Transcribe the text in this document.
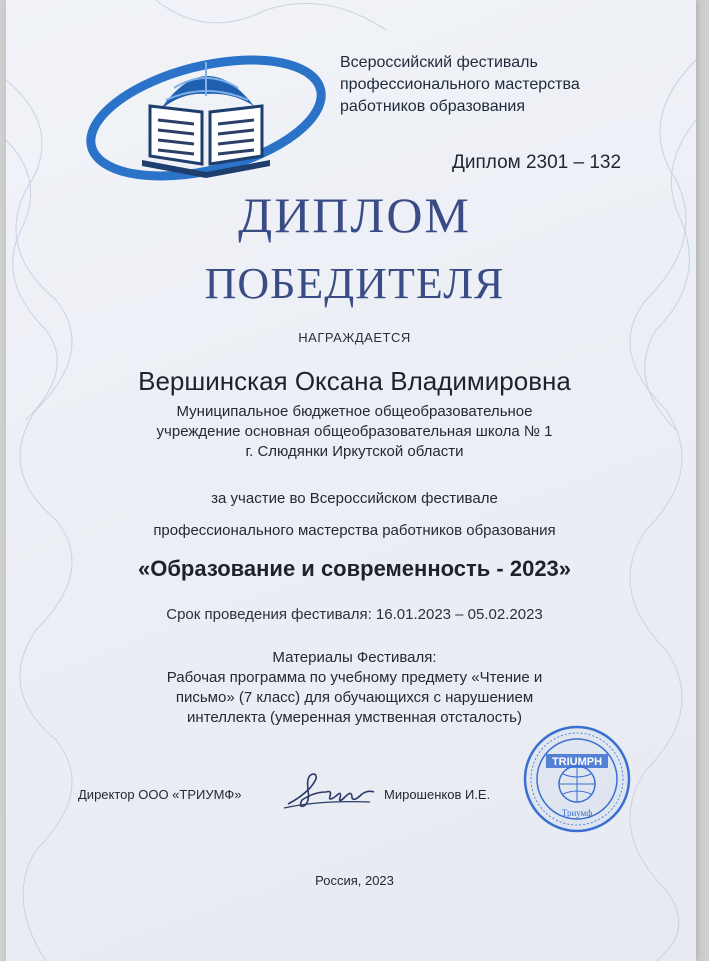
Всероссийский фестиваль
профессионального мастерства
работников образования
Диплом 2301 – 132
ДИПЛОМ
ПОБЕДИТЕЛЯ
НАГРАЖДАЕТСЯ
Вершинская Оксана Владимировна
Муниципальное бюджетное общеобразовательное
учреждение основная общеобразовательная школа № 1
г. Слюдянки Иркутской области
за участие во Всероссийском фестивале
профессионального мастерства работников образования
«Образование и современность - 2023»
Срок проведения фестиваля: 16.01.2023 – 05.02.2023
Материалы Фестиваля:
Рабочая программа по учебному предмету «Чтение и
письмо» (7 класс) для обучающихся с нарушением
интеллекта (умеренная умственная отсталость)
Директор ООО «ТРИУМФ»	Мирошенков И.Е.
TRIUMPH
Триумф
Россия, 2023
